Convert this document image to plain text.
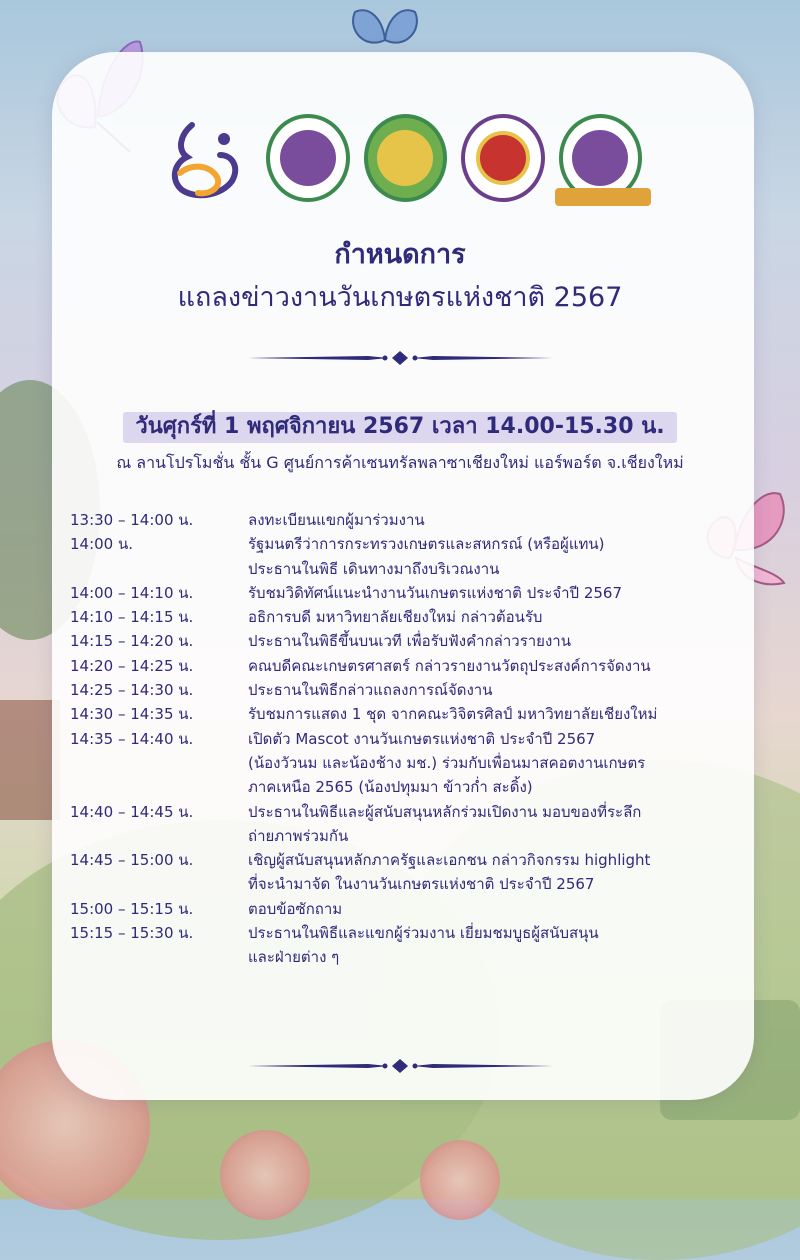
กำหนดการ
แถลงข่าวงานวันเกษตรแห่งชาติ 2567
วันศุกร์ที่ 1 พฤศจิกายน 2567 เวลา 14.00-15.30 น.
ณ ลานโปรโมชั่น ชั้น G ศูนย์การค้าเซนทรัลพลาซาเชียงใหม่ แอร์พอร์ต จ.เชียงใหม่
13:30 – 14:00 น.	ลงทะเบียนแขกผู้มาร่วมงาน
14:00 น.	รัฐมนตรีว่าการกระทรวงเกษตรและสหกรณ์ (หรือผู้แทน)
ประธานในพิธี เดินทางมาถึงบริเวณงาน
14:00 – 14:10 น.	รับชมวิดิทัศน์แนะนำงานวันเกษตรแห่งชาติ ประจำปี 2567
14:10 – 14:15 น.	อธิการบดี มหาวิทยาลัยเชียงใหม่ กล่าวต้อนรับ
14:15 – 14:20 น.	ประธานในพิธีขึ้นบนเวที เพื่อรับฟังคำกล่าวรายงาน
14:20 – 14:25 น.	คณบดีคณะเกษตรศาสตร์ กล่าวรายงานวัตถุประสงค์การจัดงาน
14:25 – 14:30 น.	ประธานในพิธีกล่าวแถลงการณ์จัดงาน
14:30 – 14:35 น.	รับชมการแสดง 1 ชุด จากคณะวิจิตรศิลป์ มหาวิทยาลัยเชียงใหม่
14:35 – 14:40 น.	เปิดตัว Mascot งานวันเกษตรแห่งชาติ ประจำปี 2567
(น้องวัวนม และน้องช้าง มช.) ร่วมกับเพื่อนมาสคอตงานเกษตร
ภาคเหนือ 2565 (น้องปทุมมา ข้าวก่ำ สะดิ้ง)
14:40 – 14:45 น.	ประธานในพิธีและผู้สนับสนุนหลักร่วมเปิดงาน มอบของที่ระลึก
ถ่ายภาพร่วมกัน
14:45 – 15:00 น.	เชิญผู้สนับสนุนหลักภาครัฐและเอกชน กล่าวกิจกรรม highlight
ที่จะนำมาจัด ในงานวันเกษตรแห่งชาติ ประจำปี 2567
15:00 – 15:15 น.	ตอบข้อซักถาม
15:15 – 15:30 น.	ประธานในพิธีและแขกผู้ร่วมงาน เยี่ยมชมบูธผู้สนับสนุน
และฝ่ายต่าง ๆ
